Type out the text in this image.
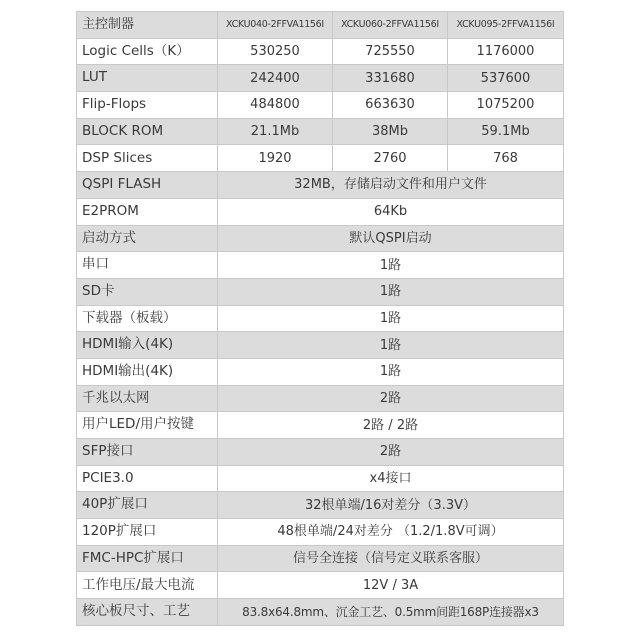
主控制器	XCKU040-2FFVA1156I	XCKU060-2FFVA1156I	XCKU095-2FFVA1156I
Logic Cells（K）	530250	725550	1176000
LUT	242400	331680	537600
Flip-Flops	484800	663630	1075200
BLOCK ROM	21.1Mb	38Mb	59.1Mb
DSP Slices	1920	2760	768
QSPI FLASH	32MB，存储启动文件和用户文件		
E2PROM	64Kb		
启动方式	默认QSPI启动		
串口	1路		
SD卡	1路		
下载器（板载）	1路		
HDMI输入(4K)	1路		
HDMI输出(4K)	1路		
千兆以太网	2路		
用户LED/用户按键	2路 / 2路		
SFP接口	2路		
PCIE3.0	x4接口		
40P扩展口	32根单端/16对差分（3.3V）		
120P扩展口	48根单端/24对差分 （1.2/1.8V可调）		
FMC-HPC扩展口	信号全连接（信号定义联系客服）		
工作电压/最大电流	12V / 3A		
核心板尺寸、工艺	83.8x64.8mm、沉金工艺、0.5mm间距168P连接器x3		
